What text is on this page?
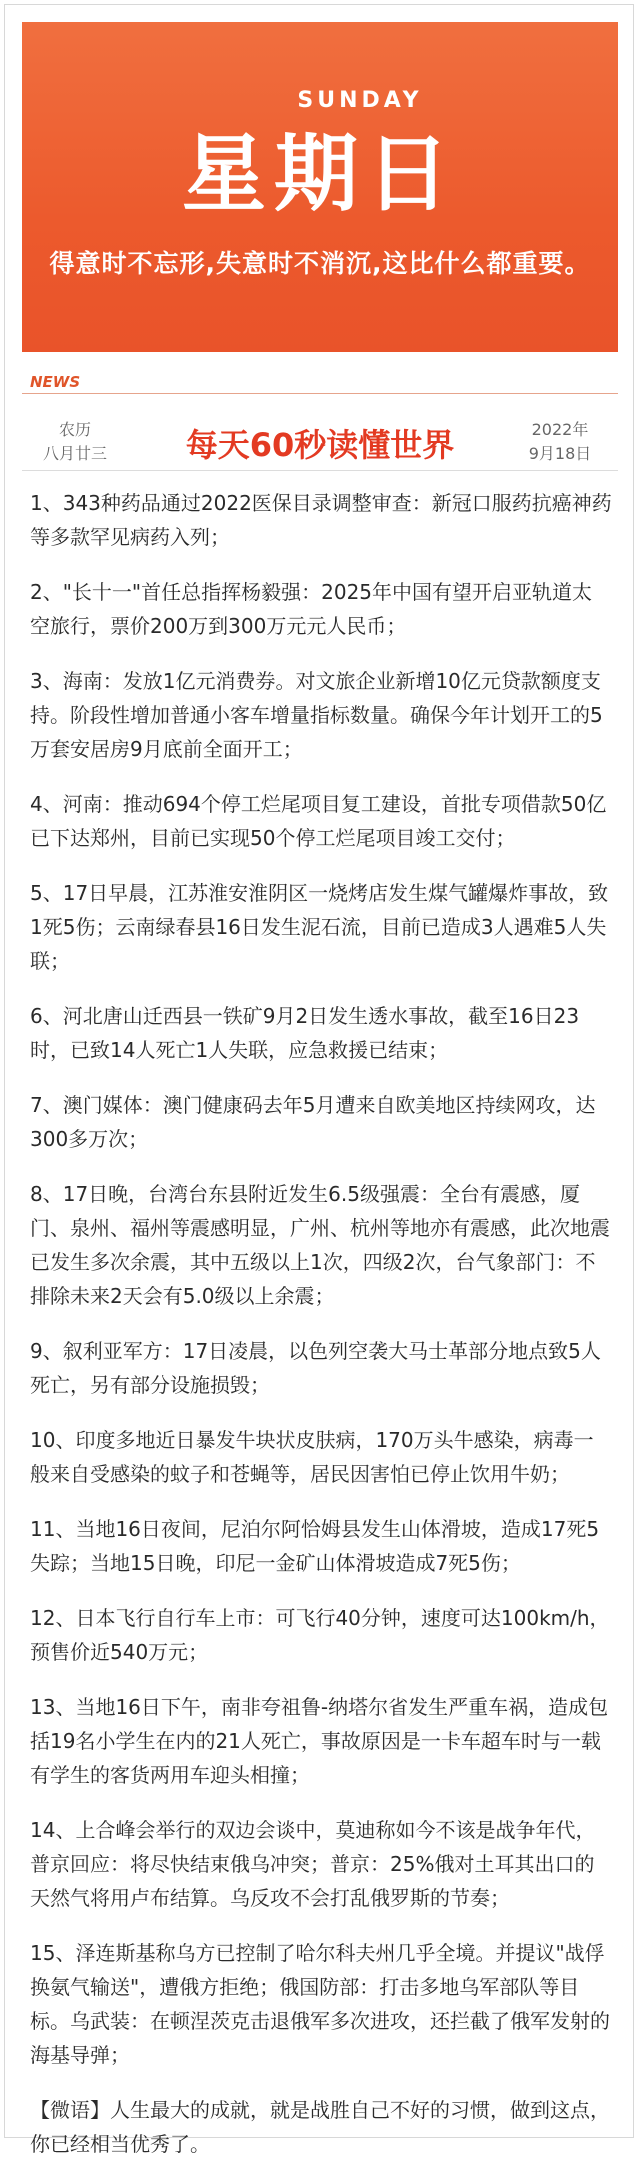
SUNDAY
星期日
得意时不忘形,失意时不消沉,这比什么都重要。
NEWS
农历
八月廿三	每天60秒读懂世界	2022年
9月18日

1、343种药品通过2022医保目录调整审查：新冠口服药抗癌神药等多款罕见病药入列；

2、"长十一"首任总指挥杨毅强：2025年中国有望开启亚轨道太空旅行，票价200万到300万元元人民币；

3、海南：发放1亿元消费券。对文旅企业新增10亿元贷款额度支持。阶段性增加普通小客车增量指标数量。确保今年计划开工的5万套安居房9月底前全面开工；

4、河南：推动694个停工烂尾项目复工建设，首批专项借款50亿已下达郑州，目前已实现50个停工烂尾项目竣工交付；

5、17日早晨，江苏淮安淮阴区一烧烤店发生煤气罐爆炸事故，致1死5伤；云南绿春县16日发生泥石流，目前已造成3人遇难5人失联；

6、河北唐山迁西县一铁矿9月2日发生透水事故，截至16日23时，已致14人死亡1人失联，应急救援已结束；

7、澳门媒体：澳门健康码去年5月遭来自欧美地区持续网攻，达300多万次；

8、17日晚，台湾台东县附近发生6.5级强震：全台有震感，厦门、泉州、福州等震感明显，广州、杭州等地亦有震感，此次地震已发生多次余震，其中五级以上1次，四级2次，台气象部门：不排除未来2天会有5.0级以上余震；

9、叙利亚军方：17日凌晨，以色列空袭大马士革部分地点致5人死亡，另有部分设施损毁；

10、印度多地近日暴发牛块状皮肤病，170万头牛感染，病毒一般来自受感染的蚊子和苍蝇等，居民因害怕已停止饮用牛奶；

11、当地16日夜间，尼泊尔阿恰姆县发生山体滑坡，造成17死5失踪；当地15日晚，印尼一金矿山体滑坡造成7死5伤；

12、日本飞行自行车上市：可飞行40分钟，速度可达100km/h，预售价近540万元；

13、当地16日下午，南非夸祖鲁-纳塔尔省发生严重车祸，造成包括19名小学生在内的21人死亡，事故原因是一卡车超车时与一载有学生的客货两用车迎头相撞；

14、上合峰会举行的双边会谈中，莫迪称如今不该是战争年代，普京回应：将尽快结束俄乌冲突；普京：25%俄对土耳其出口的天然气将用卢布结算。乌反攻不会打乱俄罗斯的节奏；

15、泽连斯基称乌方已控制了哈尔科夫州几乎全境。并提议"战俘换氨气输送"，遭俄方拒绝；俄国防部：打击多地乌军部队等目标。乌武装：在顿涅茨克击退俄军多次进攻，还拦截了俄军发射的海基导弹；

【微语】人生最大的成就，就是战胜自己不好的习惯，做到这点，你已经相当优秀了。
